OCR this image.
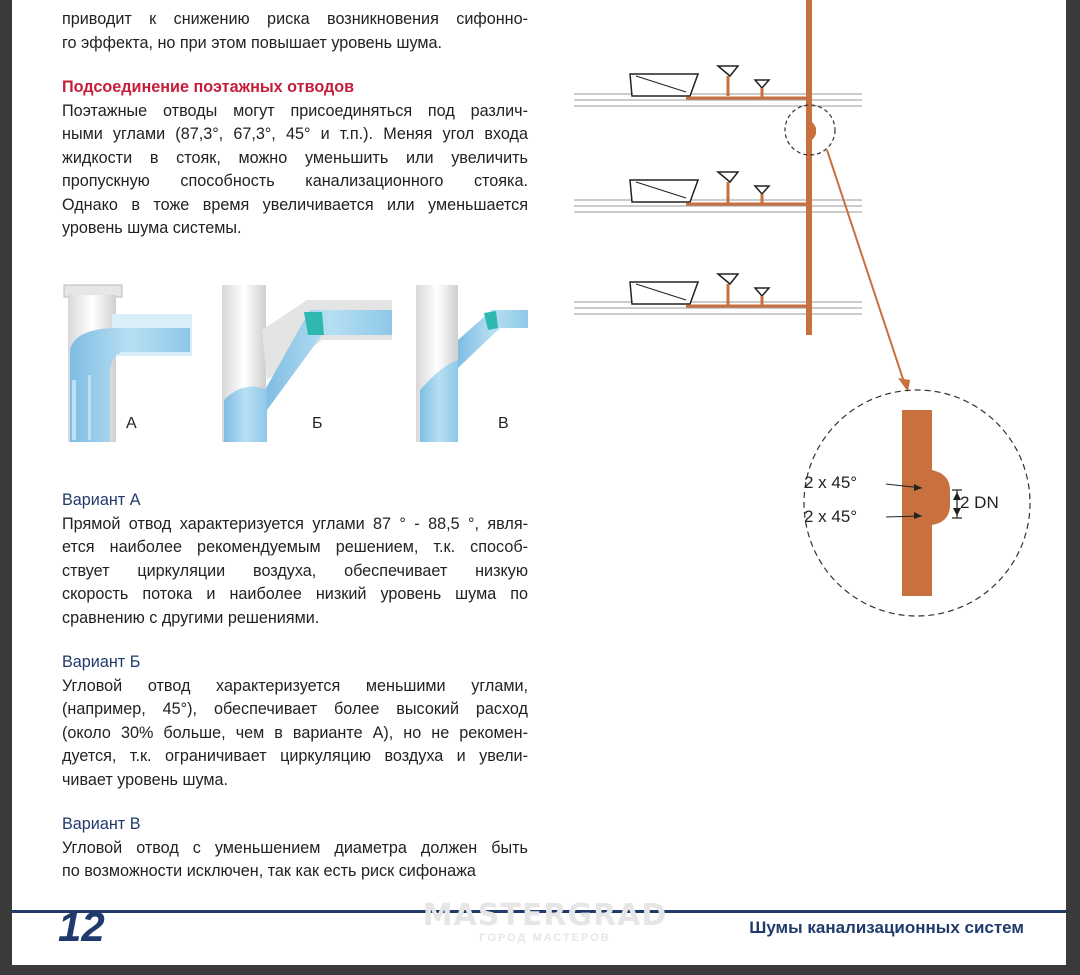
приводит к снижению риска возникновения сифонно-
го эффекта, но при этом повышает уровень шума.
Подсоединение поэтажных отводов
Поэтажные отводы могут присоединяться под различ-
ными углами (87,3°, 67,3°, 45° и т.п.). Меняя угол входа
жидкости в стояк, можно уменьшить или увеличить
пропускную способность канализационного стояка.
Однако в тоже время увеличивается или уменьшается
уровень шума системы.
А	Б	В
Вариант А
Прямой отвод характеризуется углами 87 ° - 88,5 °, явля-
ется наиболее рекомендуемым решением, т.к. способ-
ствует циркуляции воздуха, обеспечивает низкую
скорость потока и наиболее низкий уровень шума по
сравнению с другими решениями.
Вариант Б
Угловой отвод характеризуется меньшими углами,
(например, 45°), обеспечивает более высокий расход
(около 30% больше, чем в варианте А), но не рекомен-
дуется, т.к. ограничивает циркуляцию воздуха и увели-
чивает уровень шума.
Вариант В
Угловой отвод с уменьшением диаметра должен быть
по возможности исключен, так как есть риск сифонажа
2 x 45°
2 x 45°
2 DN
MASTERGRAD
ГОРОД МАСТЕРОВ
12	Шумы канализационных систем
